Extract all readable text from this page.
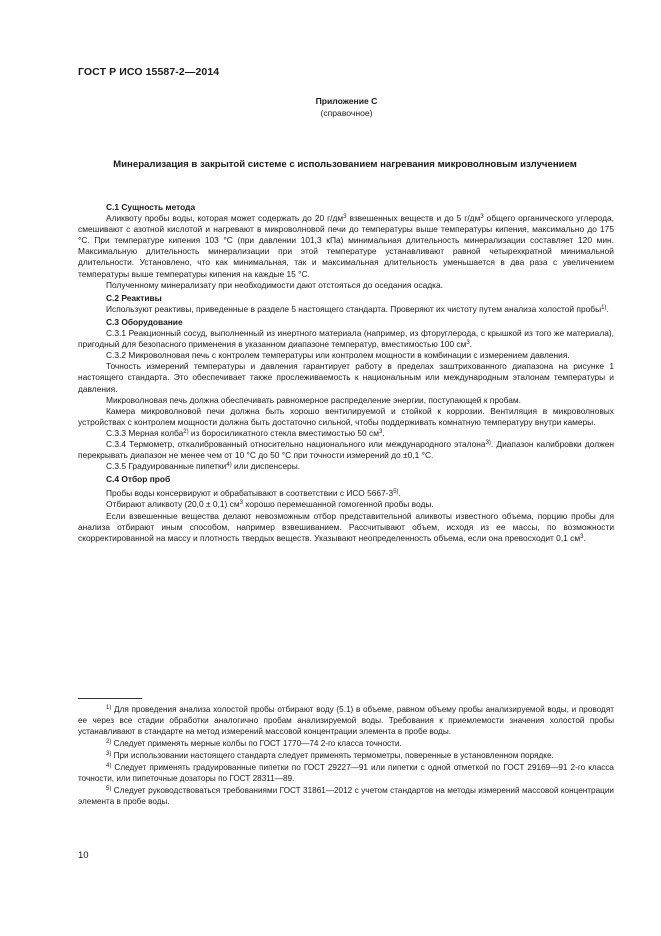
ГОСТ Р ИСО 15587-2—2014
Приложение С
(справочное)
Минерализация в закрытой системе с использованием нагревания микроволновым излучением

С.1 Сущность метода

Аликвоту пробы воды, которая может содержать до 20 $г/дм^3$ взвешенных веществ и до 5 $г/дм^3$ общего органического углерода, смешивают с азотной кислотой и нагревают в микроволновой печи до температуры выше температуры кипения, максимально до 175 °С. При температуре кипения 103 °С (при давлении 101,3 кПа) минимальная длительность минерализации составляет 120 мин. Максимальную длительность минерализации при этой температуре устанавливают равной четырехкратной минимальной длительности. Установлено, что как минимальная, так и максимальная длительность уменьшается в два раза с увеличением температуры выше температуры кипения на каждые 15 °С.

Полученному минерализату при необходимости дают отстояться до оседания осадка.

С.2 Реактивы

Используют реактивы, приведенные в разделе 5 настоящего стандарта. Проверяют их чистоту путем анализа холостой пробы$^{1)}$.

С.3 Оборудование

С.3.1 Реакционный сосуд, выполненный из инертного материала (например, из фторуглерода, с крышкой из того же материала), пригодный для безопасного применения в указанном диапазоне температур, вместимостью 100 $см^3$.

С.3.2 Микроволновая печь с контролем температуры или контролем мощности в комбинации с измерением давления.

Точность измерений температуры и давления гарантирует работу в пределах заштрихованного диапазона на рисунке 1 настоящего стандарта. Это обеспечивает также прослеживаемость к национальным или международным эталонам температуры и давления.

Микроволновая печь должна обеспечивать равномерное распределение энергии, поступающей к пробам.

Камера микроволновой печи должна быть хорошо вентилируемой и стойкой к коррозии. Вентиляция в микроволновых устройствах с контролем мощности должна быть достаточно сильной, чтобы поддерживать комнатную температуру внутри камеры.

С.3.3 Мерная колба$^{2)}$ из боросиликатного стекла вместимостью 50 $см^3$.

С.3.4 Термометр, откалиброванный относительно национального или международного эталона$^{3)}$. Диапазон калибровки должен перекрывать диапазон не менее чем от 10 °С до 50 °С при точности измерений до ±0,1 °С.

С.3.5 Градуированные пипетки$^{4)}$ или диспенсеры.

С.4 Отбор проб

Пробы воды консервируют и обрабатывают в соответствии с ИСО 5667-3$^{5)}$.

Отбирают аликвоту (20,0 ± 0,1) $см^3$ хорошо перемешанной гомогенной пробы воды.

Если взвешенные вещества делают невозможным отбор представительной аликвоты известного объема, порцию пробы для анализа отбирают иным способом, например взвешиванием. Рассчитывают объем, исходя из ее массы, по возможности скорректированной на массу и плотность твердых веществ. Указывают неопределенность объема, если она превосходит 0,1 $см^3$.

$^{1)}$ Для проведения анализа холостой пробы отбирают воду (5.1) в объеме, равном объему пробы анализируемой воды, и проводят ее через все стадии обработки аналогично пробам анализируемой воды. Требования к приемлемости значения холостой пробы устанавливают в стандарте на метод измерений массовой концентрации элемента в пробе воды.

$^{2)}$ Следует применять мерные колбы по ГОСТ 1770—74 2-го класса точности.

$^{3)}$ При использовании настоящего стандарта следует применять термометры, поверенные в установленном порядке.

$^{4)}$ Следует применять градуированные пипетки по ГОСТ 29227—91 или пипетки с одной отметкой по ГОСТ 29169—91 2-го класса точности, или пипеточные дозаторы по ГОСТ 28311—89.

$^{5)}$ Следует руководствоваться требованиями ГОСТ 31861—2012 с учетом стандартов на методы измерений массовой концентрации элемента в пробе воды.

10
